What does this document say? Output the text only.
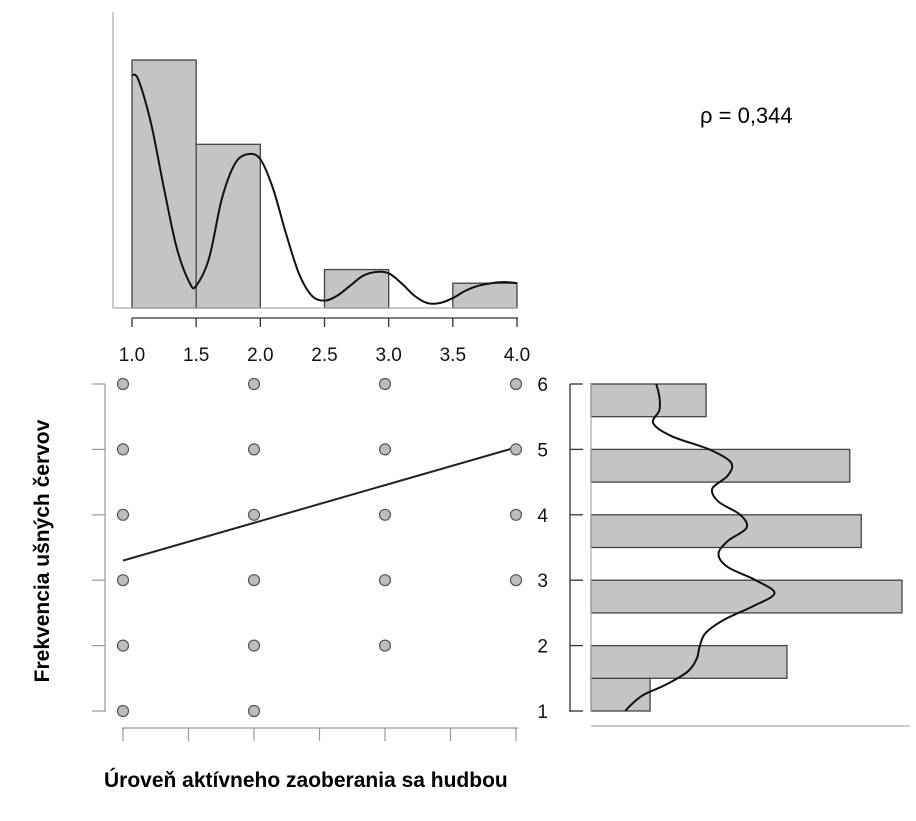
1.0 1.5 2.0 2.5 3.0 3.5 4.0
ρ = 0,344
1
2
3
4
5
6
Úroveň aktívneho zaoberania sa hudbou
Frekvencia ušných červov
